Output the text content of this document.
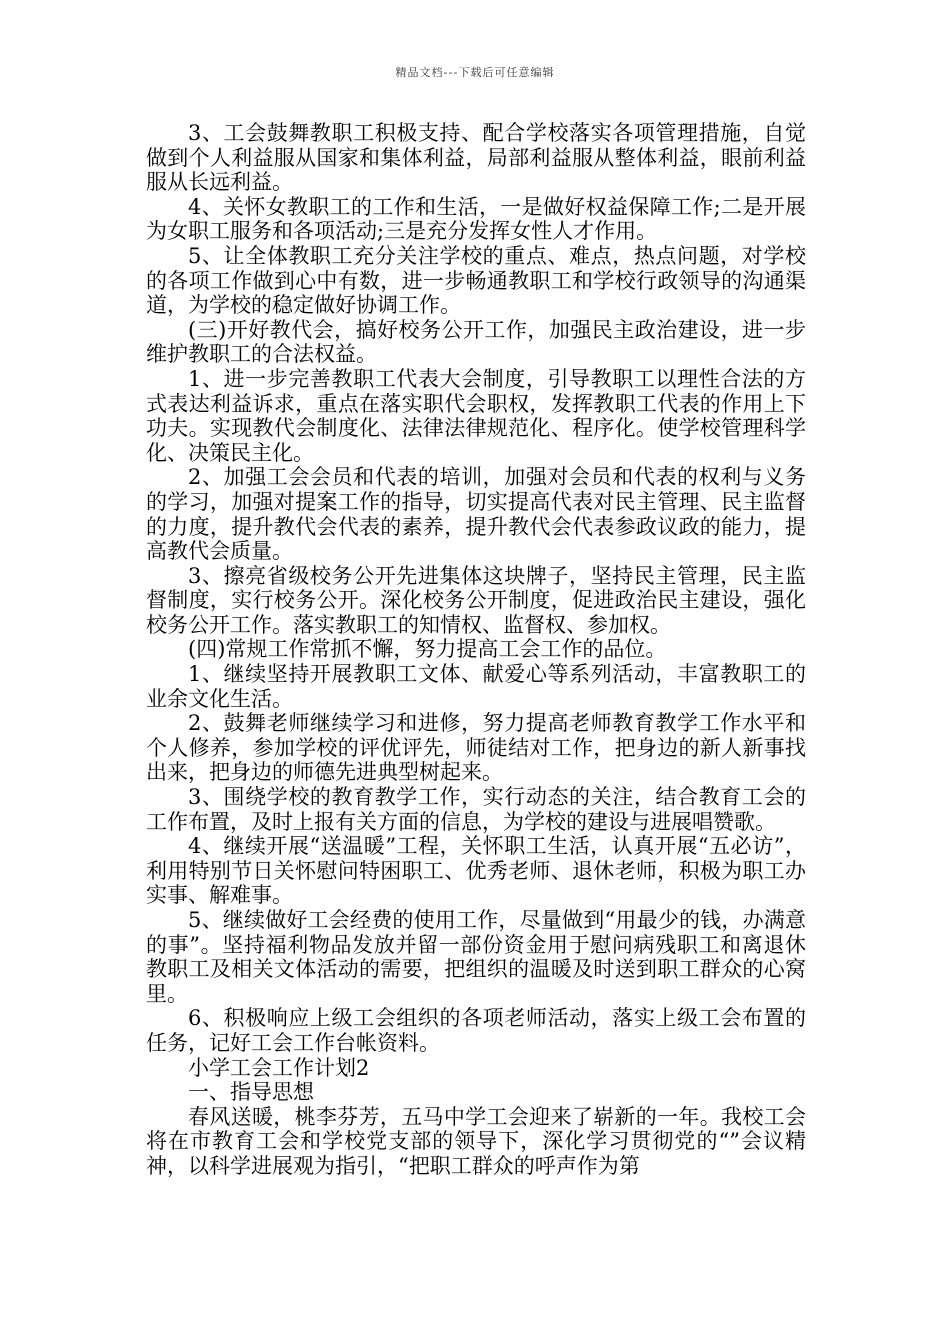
精品文档---下载后可任意编辑

3、工会鼓舞教职工积极支持、配合学校落实各项管理措施，自觉做到个人利益服从国家和集体利益，局部利益服从整体利益，眼前利益服从长远利益。

4、关怀女教职工的工作和生活，一是做好权益保障工作;二是开展为女职工服务和各项活动;三是充分发挥女性人才作用。

5、让全体教职工充分关注学校的重点、难点，热点问题，对学校的各项工作做到心中有数，进一步畅通教职工和学校行政领导的沟通渠道，为学校的稳定做好协调工作。

(三)开好教代会，搞好校务公开工作，加强民主政治建设，进一步维护教职工的合法权益。

1、进一步完善教职工代表大会制度，引导教职工以理性合法的方式表达利益诉求，重点在落实职代会职权，发挥教职工代表的作用上下功夫。实现教代会制度化、法律法律规范化、程序化。使学校管理科学化、决策民主化。

2、加强工会会员和代表的培训，加强对会员和代表的权利与义务的学习，加强对提案工作的指导，切实提高代表对民主管理、民主监督的力度，提升教代会代表的素养，提升教代会代表参政议政的能力，提高教代会质量。

3、擦亮省级校务公开先进集体这块牌子，坚持民主管理，民主监督制度，实行校务公开。深化校务公开制度，促进政治民主建设，强化校务公开工作。落实教职工的知情权、监督权、参加权。

(四)常规工作常抓不懈，努力提高工会工作的品位。

1、继续坚持开展教职工文体、献爱心等系列活动，丰富教职工的业余文化生活。

2、鼓舞老师继续学习和进修，努力提高老师教育教学工作水平和个人修养，参加学校的评优评先，师徒结对工作，把身边的新人新事找出来，把身边的师德先进典型树起来。

3、围绕学校的教育教学工作，实行动态的关注，结合教育工会的工作布置，及时上报有关方面的信息，为学校的建设与进展唱赞歌。

4、继续开展“送温暖”工程，关怀职工生活，认真开展“五必访”，利用特别节日关怀慰问特困职工、优秀老师、退休老师，积极为职工办实事、解难事。

5、继续做好工会经费的使用工作，尽量做到“用最少的钱，办满意的事”。坚持福利物品发放并留一部份资金用于慰问病残职工和离退休教职工及相关文体活动的需要，把组织的温暖及时送到职工群众的心窝里。

6、积极响应上级工会组织的各项老师活动，落实上级工会布置的任务，记好工会工作台帐资料。

小学工会工作计划2

一、指导思想

春风送暖，桃李芬芳，五马中学工会迎来了崭新的一年。我校工会将在市教育工会和学校党支部的领导下，深化学习贯彻党的“”会议精神，以科学进展观为指引，“把职工群众的呼声作为第
